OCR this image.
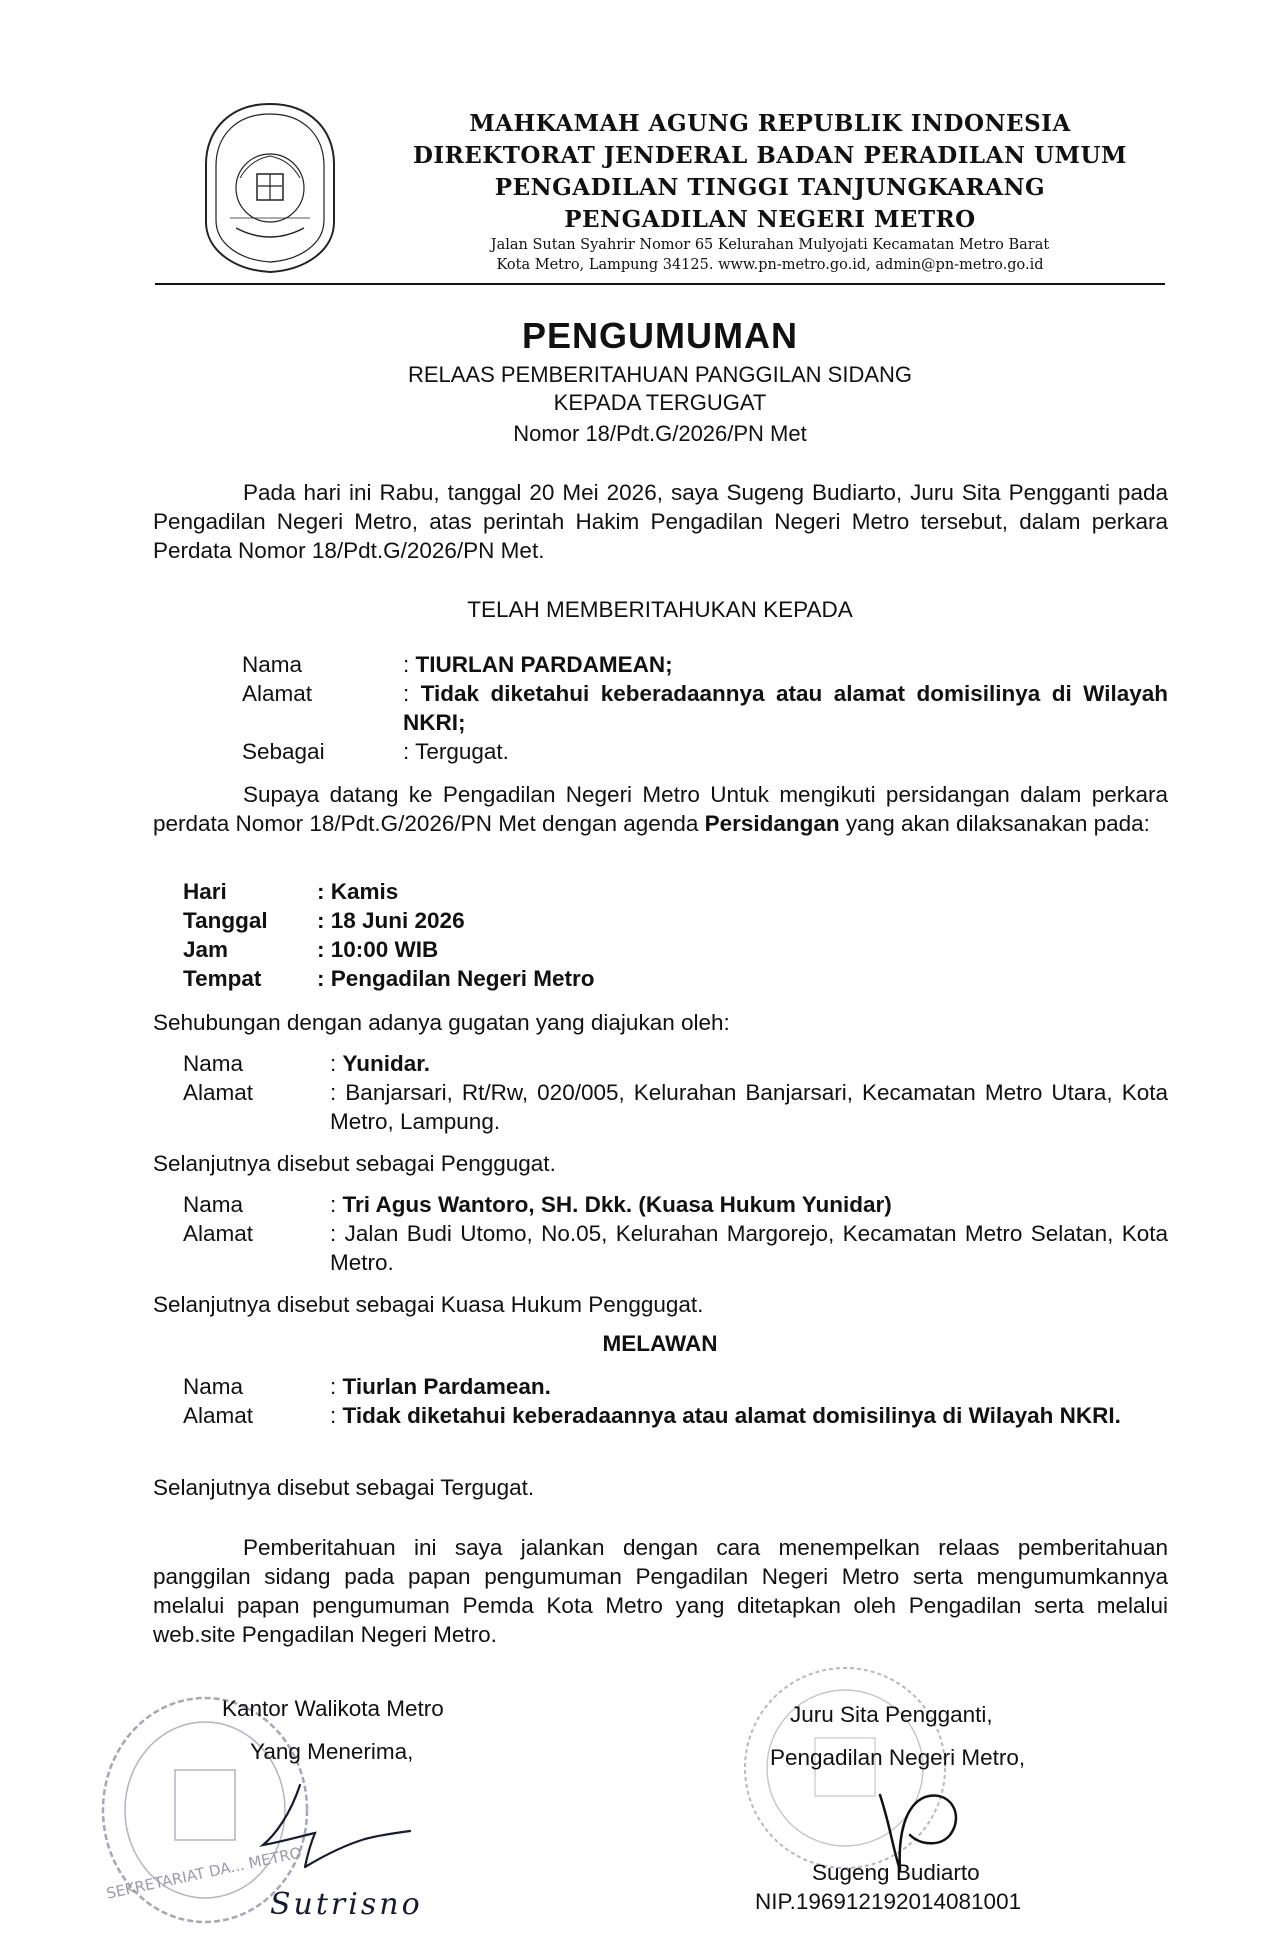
MAHKAMAH AGUNG REPUBLIK INDONESIA
DIREKTORAT JENDERAL BADAN PERADILAN UMUM
PENGADILAN TINGGI TANJUNGKARANG
PENGADILAN NEGERI METRO
Jalan Sutan Syahrir Nomor 65 Kelurahan Mulyojati Kecamatan Metro Barat
Kota Metro, Lampung 34125. www.pn-metro.go.id, admin@pn-metro.go.id
PENGUMUMAN
RELAAS PEMBERITAHUAN PANGGILAN SIDANG
KEPADA TERGUGAT
Nomor 18/Pdt.G/2026/PN Met
Pada hari ini Rabu, tanggal 20 Mei 2026, saya Sugeng Budiarto, Juru Sita Pengganti pada Pengadilan Negeri Metro, atas perintah Hakim Pengadilan Negeri Metro tersebut, dalam perkara Perdata Nomor 18/Pdt.G/2026/PN Met.
TELAH MEMBERITAHUKAN KEPADA
Nama
:	TIURLAN PARDAMEAN;
Alamat	: Tidak diketahui keberadaannya atau alamat domisilinya di Wilayah NKRI;
Sebagai	: Tergugat.
Supaya datang ke Pengadilan Negeri Metro Untuk mengikuti persidangan dalam perkara perdata Nomor 18/Pdt.G/2026/PN Met dengan agenda Persidangan yang akan dilaksanakan pada:
Hari	: Kamis
Tanggal : 18 Juni 2026
Jam	: 10:00 WIB
Tempat : Pengadilan Negeri Metro
Sehubungan dengan adanya gugatan yang diajukan oleh:
Nama	: Yunidar.
Alamat	: Banjarsari, Rt/Rw, 020/005, Kelurahan Banjarsari, Kecamatan Metro Utara, Kota Metro, Lampung.
Selanjutnya disebut sebagai Penggugat.
Nama	: Tri Agus Wantoro, SH. Dkk. (Kuasa Hukum Yunidar)
Alamat	: Jalan Budi Utomo, No.05, Kelurahan Margorejo, Kecamatan Metro Selatan, Kota Metro.
Selanjutnya disebut sebagai Kuasa Hukum Penggugat.
MELAWAN
Nama	: Tiurlan Pardamean.
Alamat	: Tidak diketahui keberadaannya atau alamat domisilinya di Wilayah NKRI.
Selanjutnya disebut sebagai Tergugat.
Pemberitahuan ini saya jalankan dengan cara menempelkan relaas pemberitahuan panggilan sidang pada papan pengumuman Pengadilan Negeri Metro serta mengumumkannya melalui papan pengumuman Pemda Kota Metro yang ditetapkan oleh Pengadilan serta melalui web.site Pengadilan Negeri Metro.
SEKRETARIAT DA... METRO
Kantor Walikota Metro
Yang Menerima,
Juru Sita Pengganti,
Pengadilan Negeri Metro,
Sutrisno
Sugeng Budiarto
NIP.196912192014081001
